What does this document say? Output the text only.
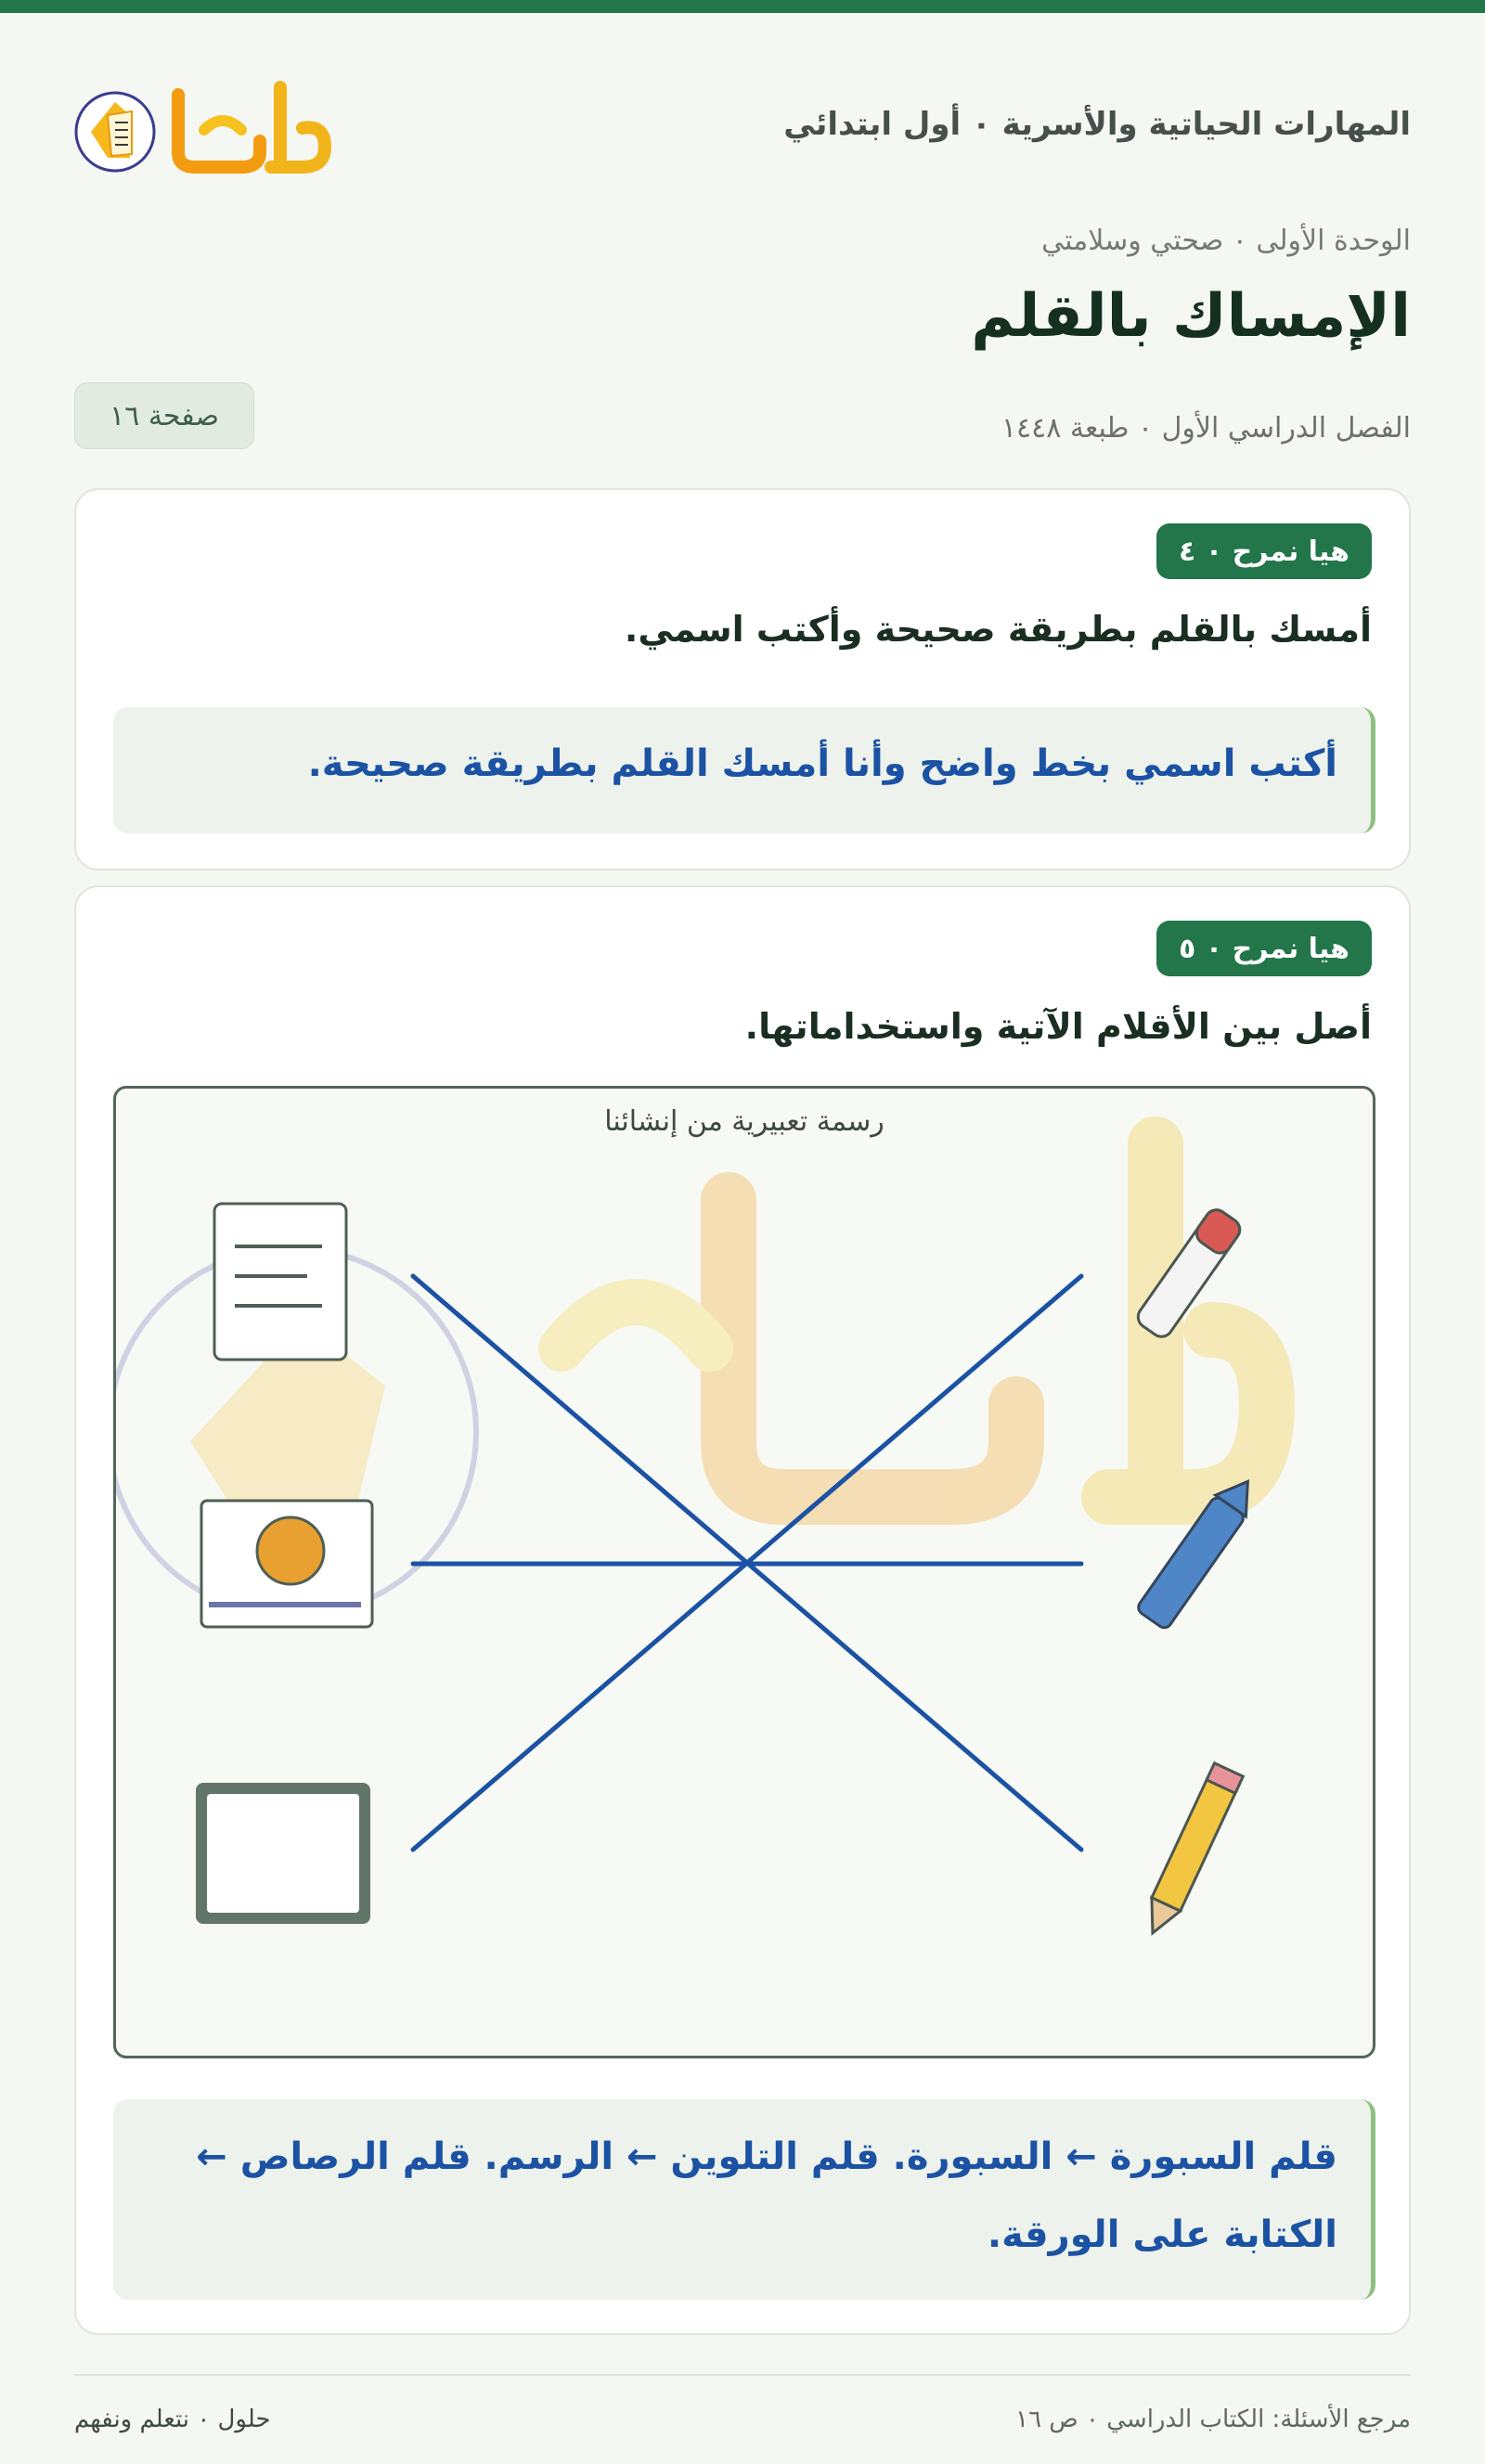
المهارات الحياتية والأسرية ٠ أول ابتدائي
الوحدة الأولى ٠ صحتي وسلامتي
الإمساك بالقلم
الفصل الدراسي الأول ٠ طبعة ١٤٤٨
صفحة ١٦
هيا نمرح ٠ ٤
أمسك بالقلم بطريقة صحيحة وأكتب اسمي.
أكتب اسمي بخط واضح وأنا أمسك القلم بطريقة صحيحة.
هيا نمرح ٠ ٥
أصل بين الأقلام الآتية واستخداماتها.
رسمة تعبيرية من إنشائنا
قلم السبورة ← السبورة. قلم التلوين ← الرسم. قلم الرصاص ← الكتابة على الورقة.
مرجع الأسئلة: الكتاب الدراسي ٠ ص ١٦
حلول ٠ نتعلم ونفهم
